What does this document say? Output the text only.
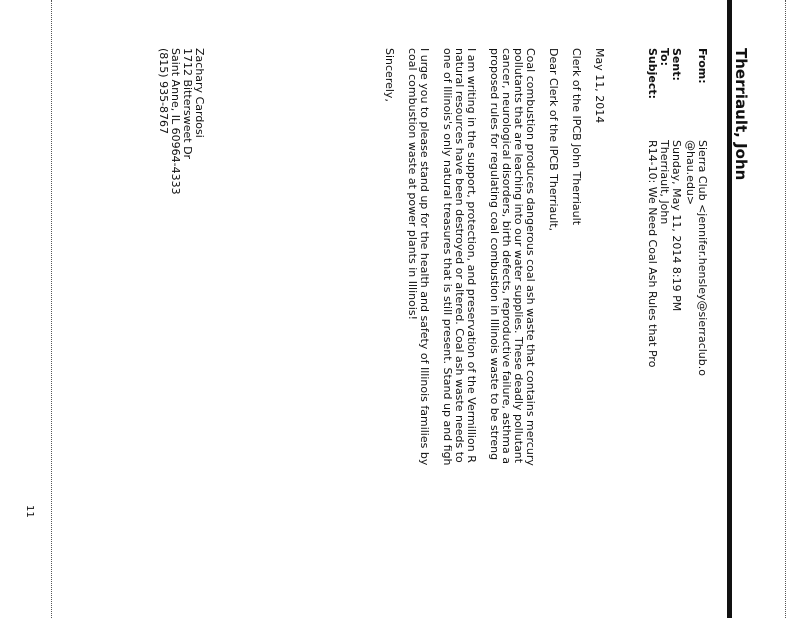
Therriault, John
From:Sierra Club <jennifer.hensley@sierraclub.o
@hau.edu>
Sent:Sunday, May 11, 2014 8:19 PM
To:Therriault, John
Subject:R14-10: We Need Coal Ash Rules that Pro

May 11, 2014

Clerk of the IPCB John Therriault

Dear Clerk of the IPCB Therriault,

Coal combustion produces dangerous coal ash waste that contains mercury
pollutants that are leaching into our water supplies. These deadly pollutant
cancer, neurological disorders, birth defects, reproductive failure, asthma a
proposed rules for regulating coal combustion in Illinois waste to be streng

I am writing in the support, protection, and preservation of the Vermillion R
natural resources have been destroyed or altered. Coal ash waste needs to
one of Illinois's only natural treasures that is still present. Stand up and figh

I urge you to please stand up for the health and safety of Illinois families by
coal combustion waste at power plants in Illinois!

Sincerely,

Zachary Cardosi
1712 Bittersweet Dr
Saint Anne, IL 60964-4333
(815) 935-8767
11
